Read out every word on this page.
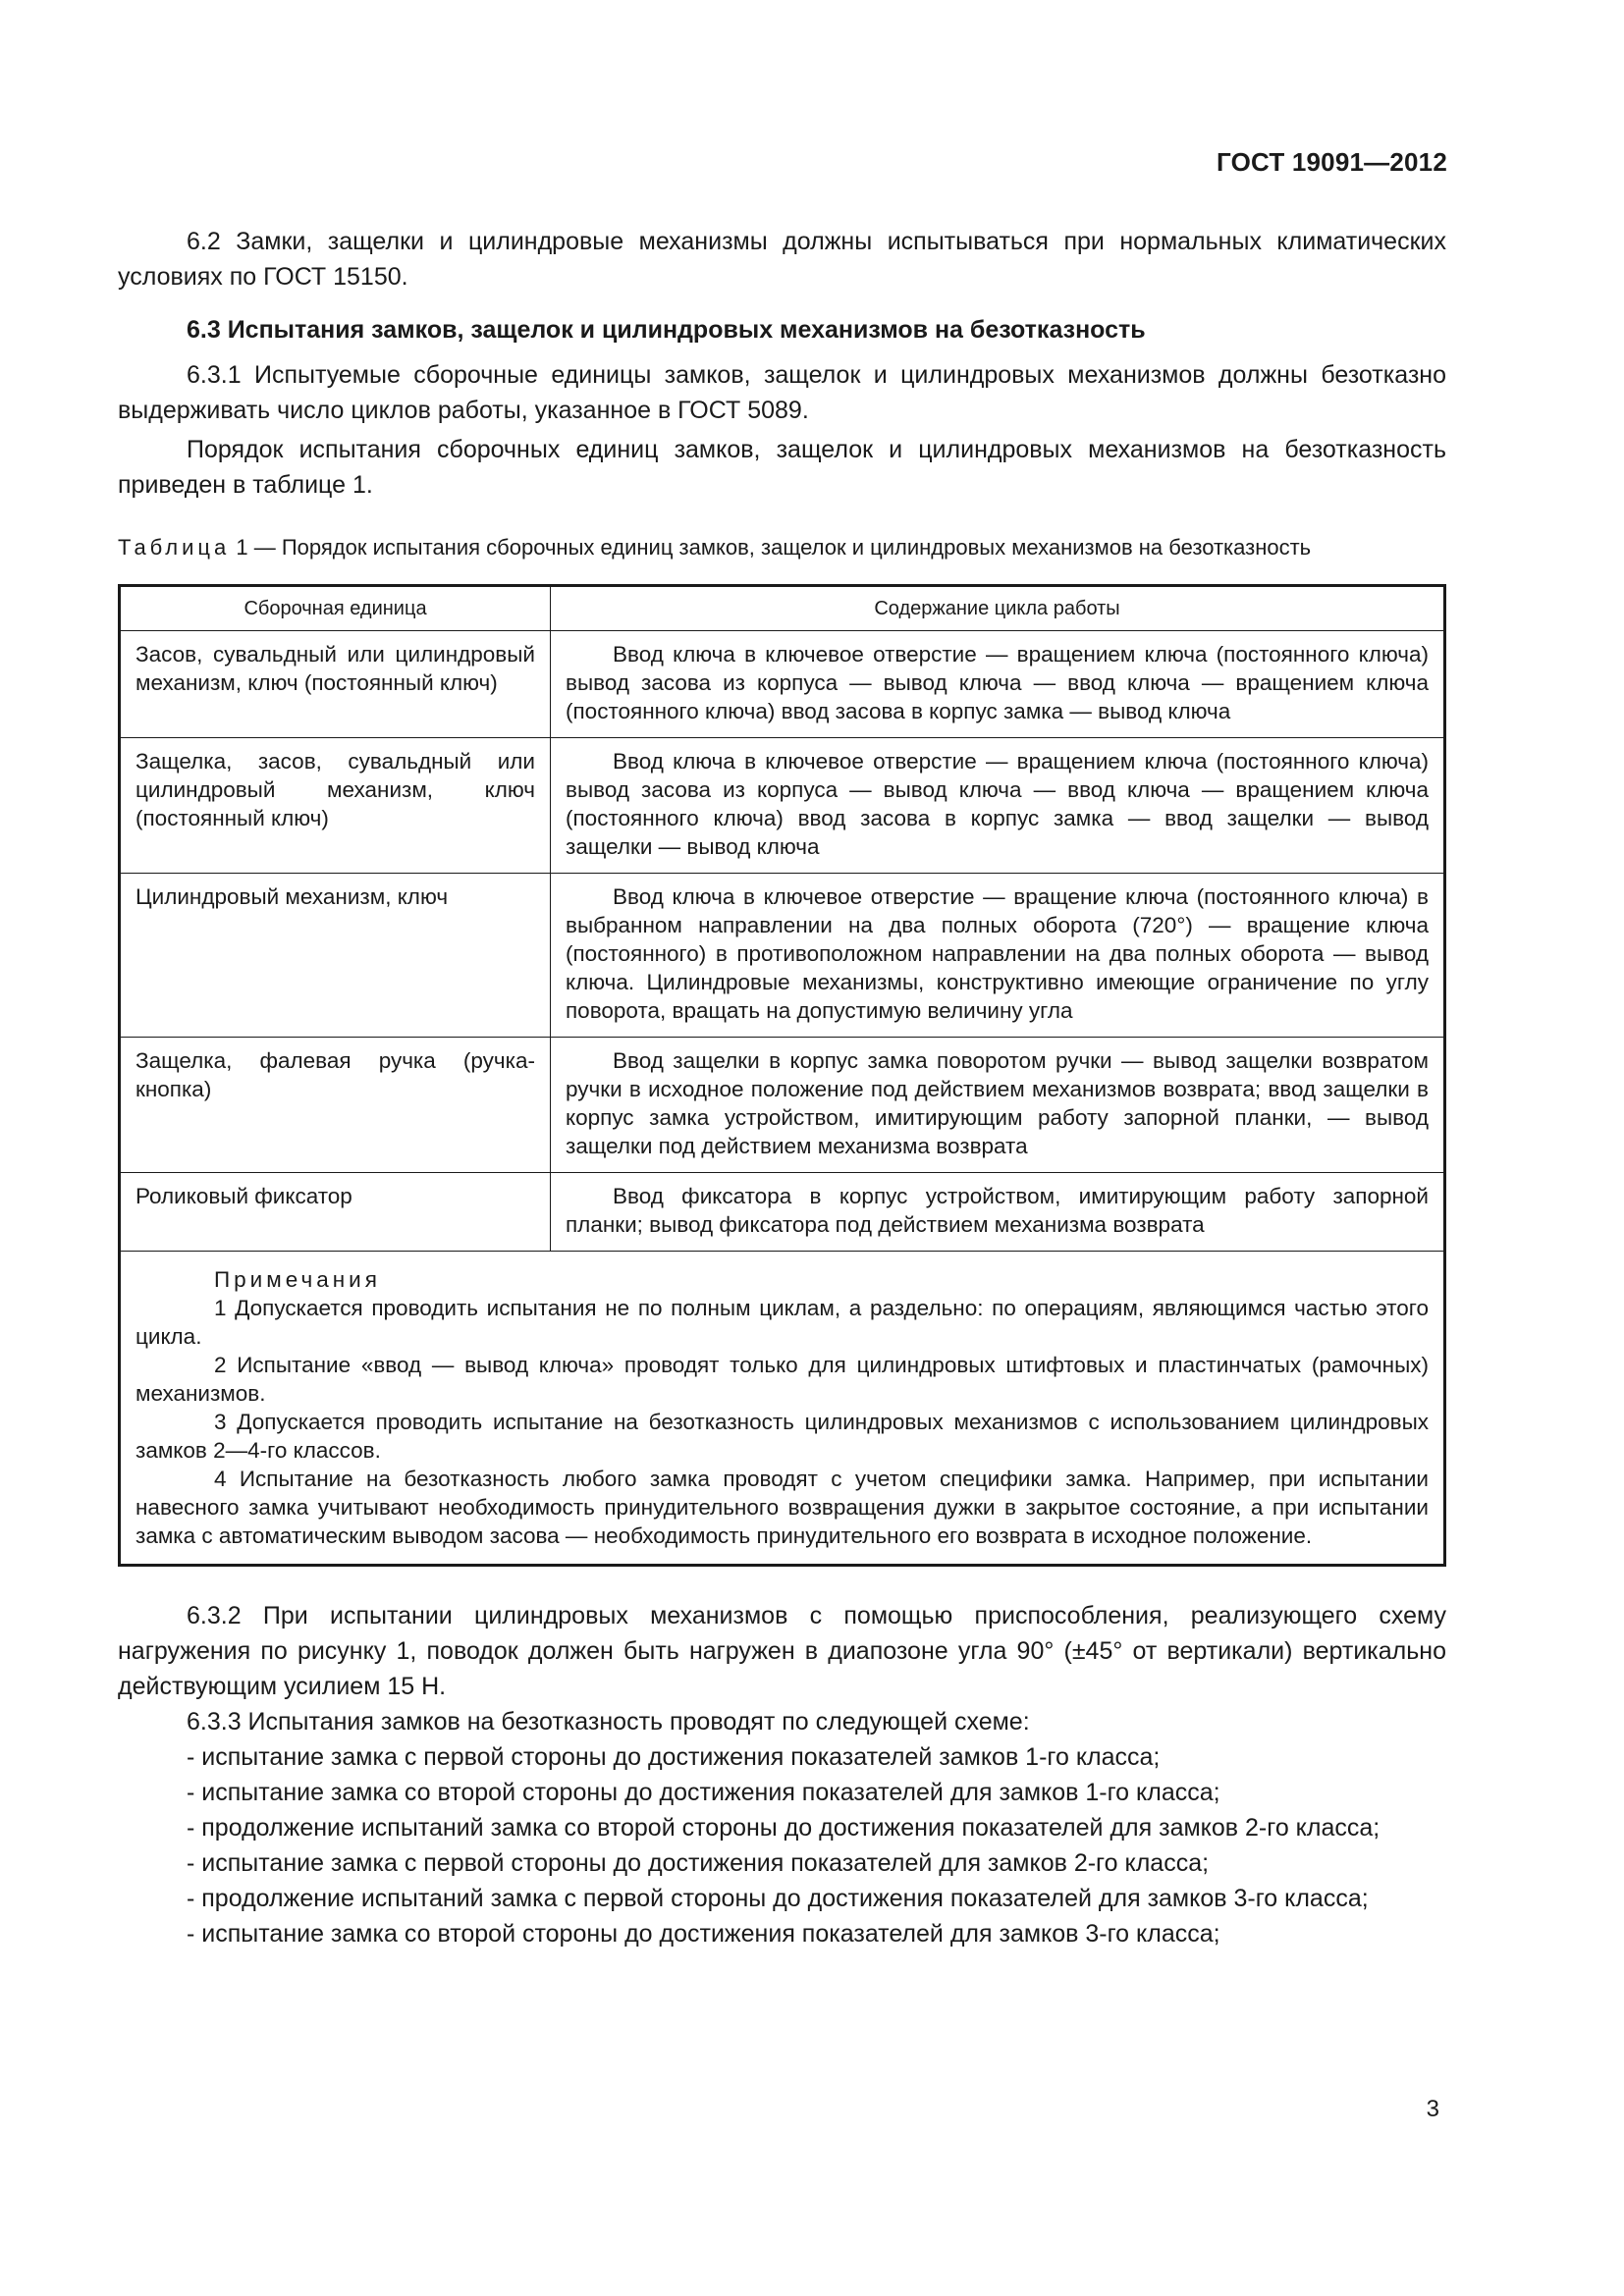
ГОСТ 19091—2012

6.2 Замки, защелки и цилиндровые механизмы должны испытываться при нормальных климатических условиях по ГОСТ 15150.

6.3 Испытания замков, защелок и цилиндровых механизмов на безотказность

6.3.1 Испытуемые сборочные единицы замков, защелок и цилиндровых механизмов должны безотказно выдерживать число циклов работы, указанное в ГОСТ 5089.

Порядок испытания сборочных единиц замков, защелок и цилиндровых механизмов на безотказность приведен в таблице 1.

Таблица 1 — Порядок испытания сборочных единиц замков, защелок и цилиндровых механизмов на безотказность
Сборочная единица	Содержание цикла работы
Засов, сувальдный или цилиндровый механизм, ключ (постоянный ключ)	Ввод ключа в ключевое отверстие — вращением ключа (постоянного ключа) вывод засова из корпуса — вывод ключа — ввод ключа — вращением ключа (постоянного ключа) ввод засова в корпус замка — вывод ключа
Защелка, засов, сувальдный или цилиндровый механизм, ключ (постоянный ключ)	Ввод ключа в ключевое отверстие — вращением ключа (постоянного ключа) вывод засова из корпуса — вывод ключа — ввод ключа — вращением ключа (постоянного ключа) ввод засова в корпус замка — ввод защелки — вывод защелки — вывод ключа
Цилиндровый механизм, ключ	Ввод ключа в ключевое отверстие — вращение ключа (постоянного ключа) в выбранном направлении на два полных оборота (720°) — вращение ключа (постоянного) в противоположном направлении на два полных оборота — вывод ключа. Цилиндровые механизмы, конструктивно имеющие ограничение по углу поворота, вращать на допустимую величину угла
Защелка, фалевая ручка (ручка-кнопка)	Ввод защелки в корпус замка поворотом ручки — вывод защелки возвратом ручки в исходное положение под действием механизмов возврата; ввод защелки в корпус замка устройством, имитирующим работу запорной планки, — вывод защелки под действием механизма возврата
Роликовый фиксатор	Ввод фиксатора в корпус устройством, имитирующим работу запорной планки; вывод фиксатора под действием механизма возврата

Примечания
1 Допускается проводить испытания не по полным циклам, а раздельно: по операциям, являющимся частью этого цикла.
2 Испытание «ввод — вывод ключа» проводят только для цилиндровых штифтовых и пластинчатых (рамочных) механизмов.
3 Допускается проводить испытание на безотказность цилиндровых механизмов с использованием цилиндровых замков 2—4-го классов.
4 Испытание на безотказность любого замка проводят с учетом специфики замка. Например, при испытании навесного замка учитывают необходимость принудительного возвращения дужки в закрытое состояние, а при испытании замка с автоматическим выводом засова — необходимость принудительного его возврата в исходное положение.	

6.3.2 При испытании цилиндровых механизмов с помощью приспособления, реализующего схему нагружения по рисунку 1, поводок должен быть нагружен в диапозоне угла 90° (±45° от вертикали) вертикально действующим усилием 15 Н.

6.3.3 Испытания замков на безотказность проводят по следующей схеме:

- испытание замка с первой стороны до достижения показателей замков 1-го класса;

- испытание замка со второй стороны до достижения показателей для замков 1-го класса;

- продолжение испытаний замка со второй стороны до достижения показателей для замков 2-го класса;

- испытание замка с первой стороны до достижения показателей для замков 2-го класса;

- продолжение испытаний замка с первой стороны до достижения показателей для замков 3-го класса;

- испытание замка со второй стороны до достижения показателей для замков 3-го класса;

3
